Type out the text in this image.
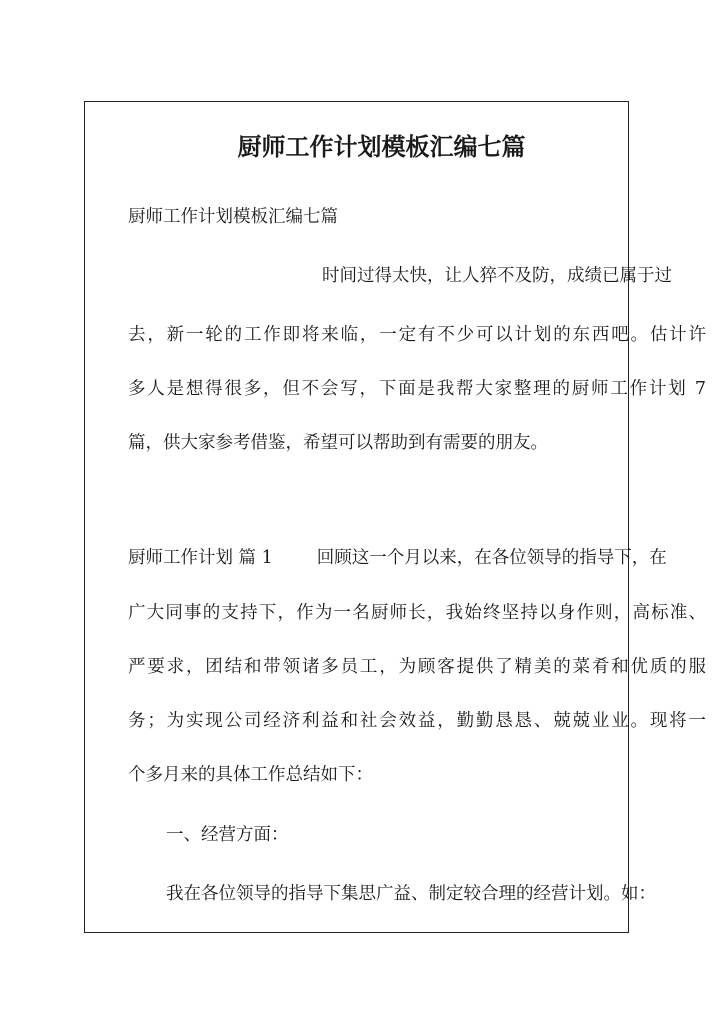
厨师工作计划模板汇编七篇
厨师工作计划模板汇编七篇
时间过得太快，让人猝不及防，成绩已属于过
去，新一轮的工作即将来临，一定有不少可以计划的东西吧。估计许
多人是想得很多，但不会写，下面是我帮大家整理的厨师工作计划 7
篇，供大家参考借鉴，希望可以帮助到有需要的朋友。
厨师工作计划 篇 1	回顾这一个月以来，在各位领导的指导下，在
广大同事的支持下，作为一名厨师长，我始终坚持以身作则，高标准、
严要求，团结和带领诸多员工，为顾客提供了精美的菜肴和优质的服
务；为实现公司经济利益和社会效益，勤勤恳恳、兢兢业业。现将一
个多月来的具体工作总结如下：
一、经营方面：
我在各位领导的指导下集思广益、制定较合理的经营计划。如：
